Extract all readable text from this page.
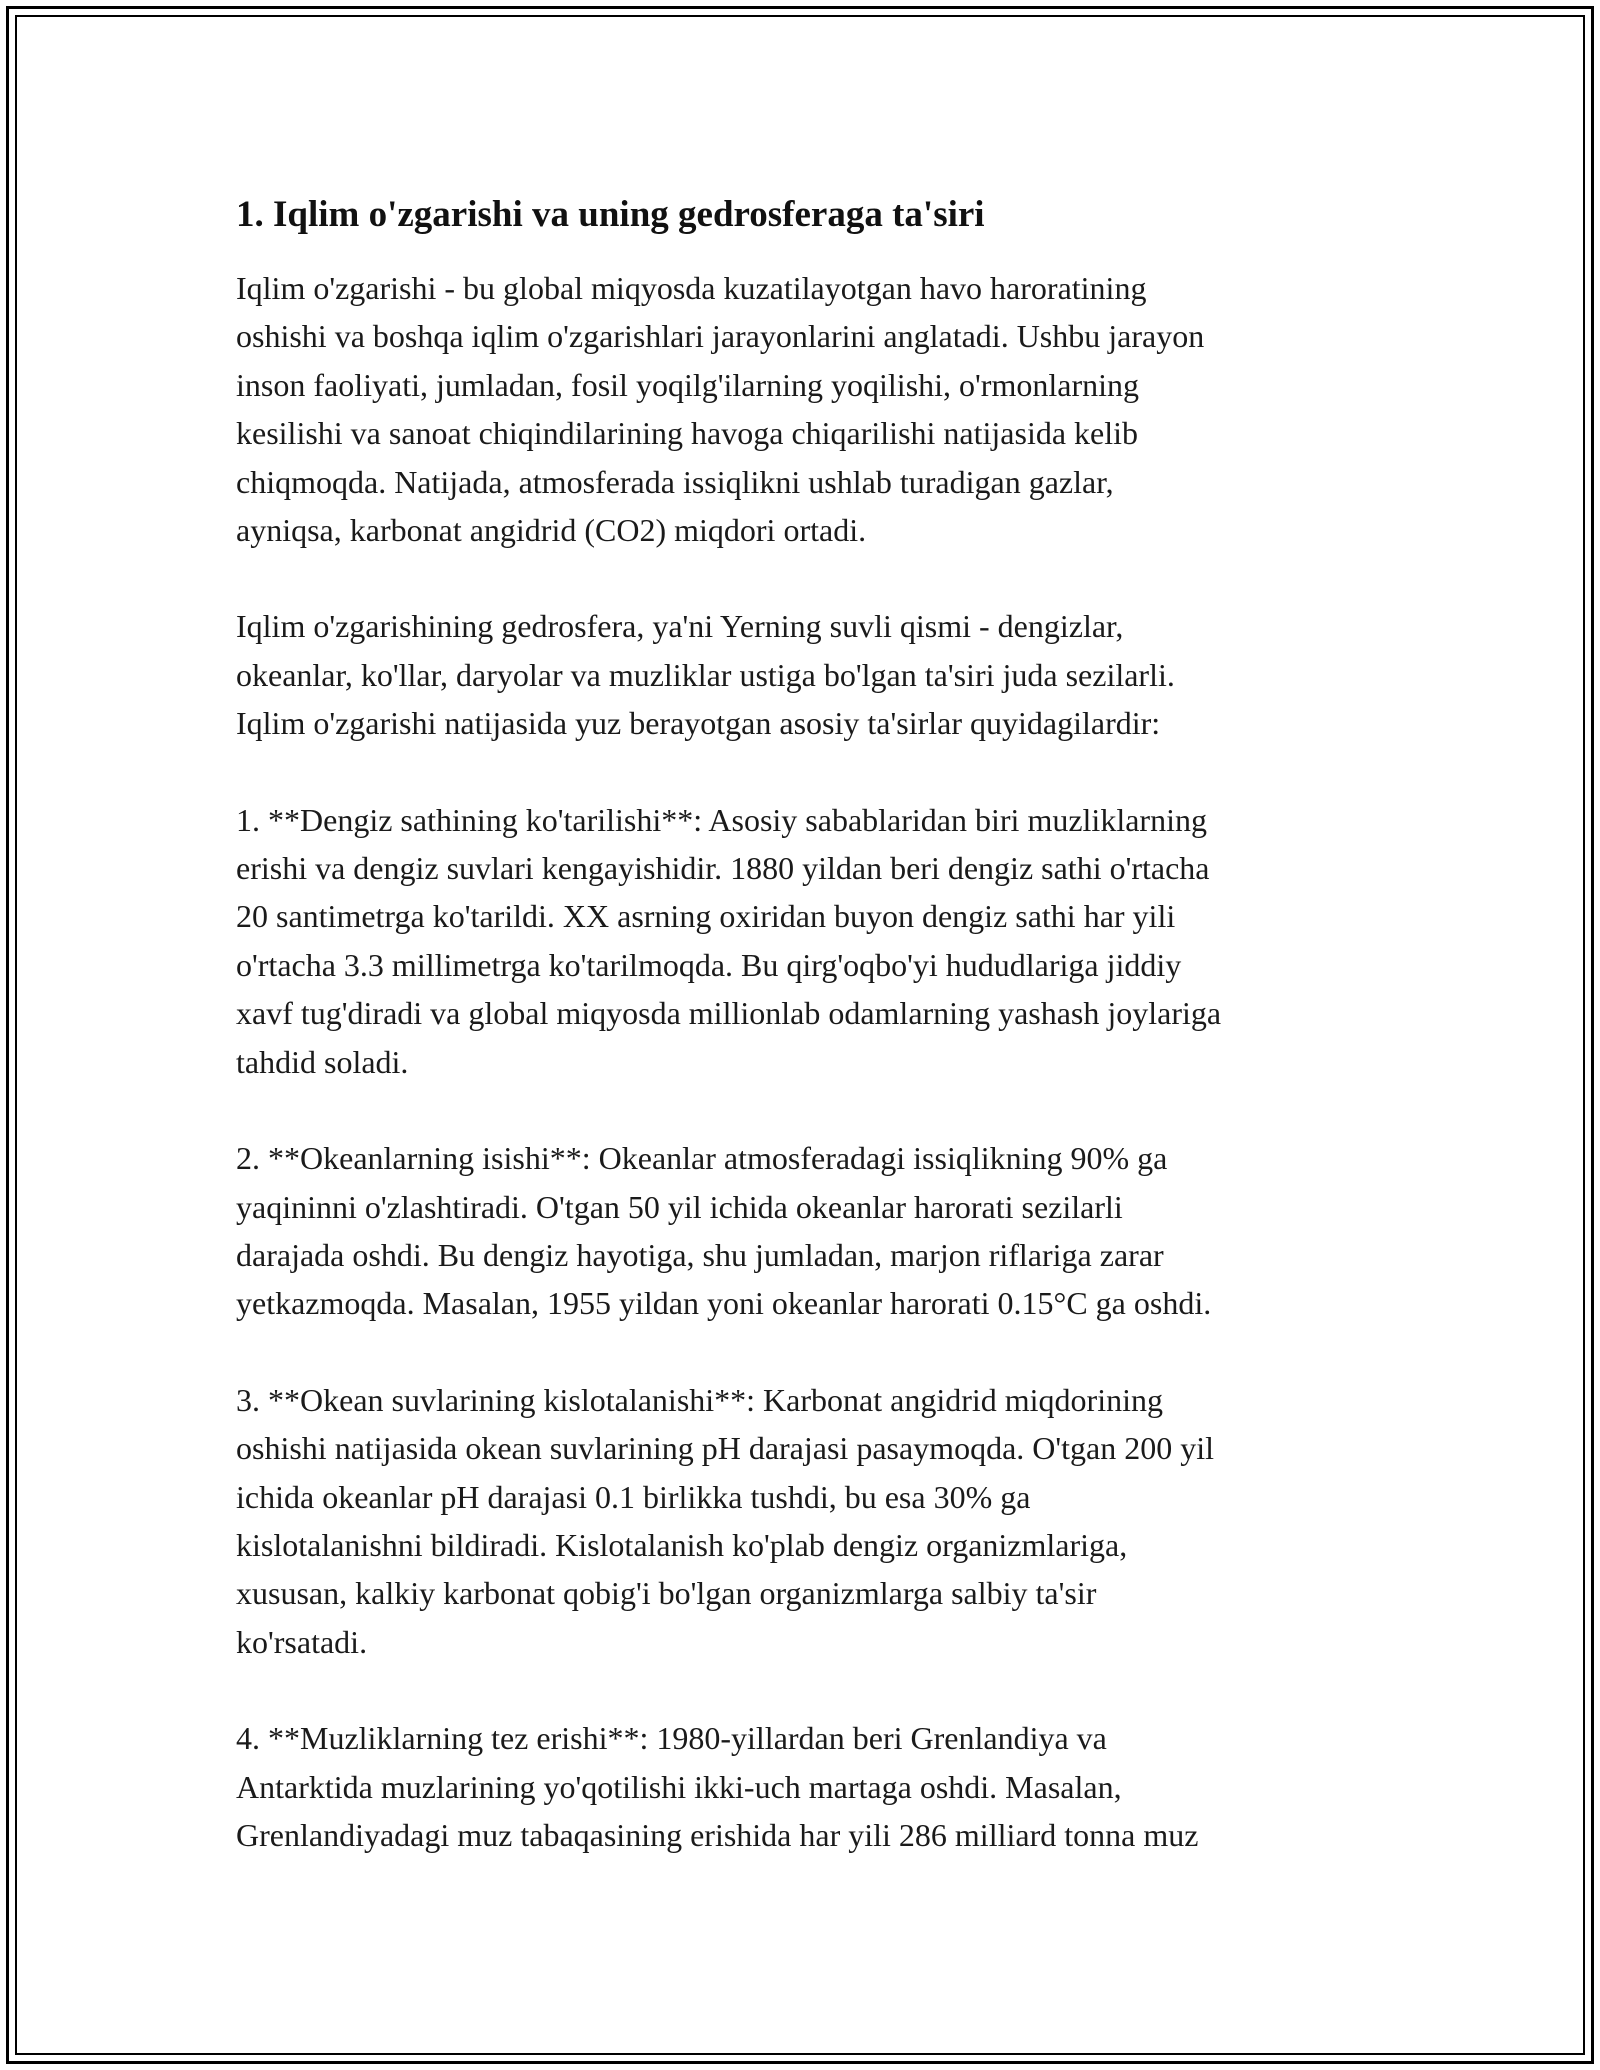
1. Iqlim o'zgarishi va uning gedrosferaga ta'siri

Iqlim o'zgarishi - bu global miqyosda kuzatilayotgan havo haroratining
oshishi va boshqa iqlim o'zgarishlari jarayonlarini anglatadi. Ushbu jarayon
inson faoliyati, jumladan, fosil yoqilg'ilarning yoqilishi, o'rmonlarning
kesilishi va sanoat chiqindilarining havoga chiqarilishi natijasida kelib
chiqmoqda. Natijada, atmosferada issiqlikni ushlab turadigan gazlar,
ayniqsa, karbonat angidrid (CO2) miqdori ortadi.

Iqlim o'zgarishining gedrosfera, ya'ni Yerning suvli qismi - dengizlar,
okeanlar, ko'llar, daryolar va muzliklar ustiga bo'lgan ta'siri juda sezilarli.
Iqlim o'zgarishi natijasida yuz berayotgan asosiy ta'sirlar quyidagilardir:

1. **Dengiz sathining ko'tarilishi**: Asosiy sabablaridan biri muzliklarning
erishi va dengiz suvlari kengayishidir. 1880 yildan beri dengiz sathi o'rtacha
20 santimetrga ko'tarildi. XX asrning oxiridan buyon dengiz sathi har yili
o'rtacha 3.3 millimetrga ko'tarilmoqda. Bu qirg'oqbo'yi hududlariga jiddiy
xavf tug'diradi va global miqyosda millionlab odamlarning yashash joylariga
tahdid soladi.

2. **Okeanlarning isishi**: Okeanlar atmosferadagi issiqlikning 90% ga
yaqininni o'zlashtiradi. O'tgan 50 yil ichida okeanlar harorati sezilarli
darajada oshdi. Bu dengiz hayotiga, shu jumladan, marjon riflariga zarar
yetkazmoqda. Masalan, 1955 yildan yoni okeanlar harorati 0.15°C ga oshdi.

3. **Okean suvlarining kislotalanishi**: Karbonat angidrid miqdorining
oshishi natijasida okean suvlarining pH darajasi pasaymoqda. O'tgan 200 yil
ichida okeanlar pH darajasi 0.1 birlikka tushdi, bu esa 30% ga
kislotalanishni bildiradi. Kislotalanish ko'plab dengiz organizmlariga,
xususan, kalkiy karbonat qobig'i bo'lgan organizmlarga salbiy ta'sir
ko'rsatadi.

4. **Muzliklarning tez erishi**: 1980-yillardan beri Grenlandiya va
Antarktida muzlarining yo'qotilishi ikki-uch martaga oshdi. Masalan,
Grenlandiyadagi muz tabaqasining erishida har yili 286 milliard tonna muz
